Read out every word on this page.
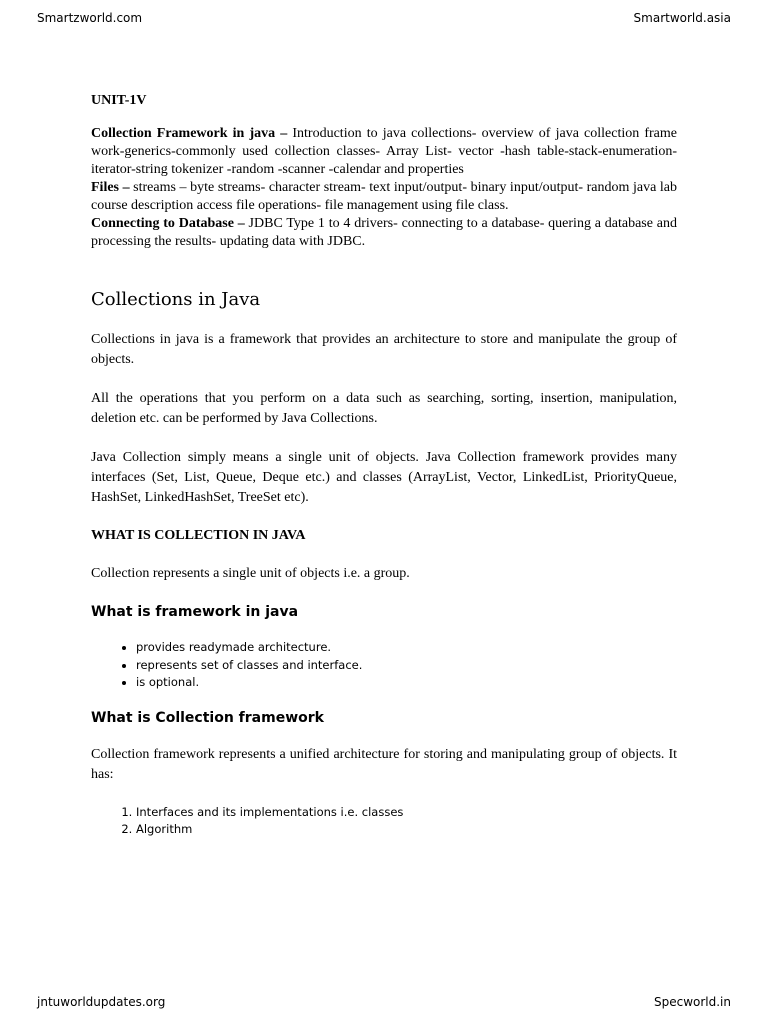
Smartzworld.com	Smartworld.asia
UNIT-1V

Collection Framework in java – Introduction to java collections- overview of java collection frame work-generics-commonly used collection classes- Array List- vector -hash table-stack-enumeration-iterator-string tokenizer -random -scanner -calendar and properties

Files – streams – byte streams- character stream- text input/output- binary input/output- random java lab course description access file operations- file management using file class.

Connecting to Database – JDBC Type 1 to 4 drivers- connecting to a database- quering a database and processing the results- updating data with JDBC.

Collections in Java

Collections in java is a framework that provides an architecture to store and manipulate the group of objects.

All the operations that you perform on a data such as searching, sorting, insertion, manipulation, deletion etc. can be performed by Java Collections.

Java Collection simply means a single unit of objects. Java Collection framework provides many interfaces (Set, List, Queue, Deque etc.) and classes (ArrayList, Vector, LinkedList, PriorityQueue, HashSet, LinkedHashSet, TreeSet etc).

WHAT IS COLLECTION IN JAVA

Collection represents a single unit of objects i.e. a group.

What is framework in java
• provides readymade architecture.
• represents set of classes and interface.
• is optional.
What is Collection framework

Collection framework represents a unified architecture for storing and manipulating group of objects. It has:

1. Interfaces and its implementations i.e. classes
2. Algorithm
jntuworldupdates.org	Specworld.in
